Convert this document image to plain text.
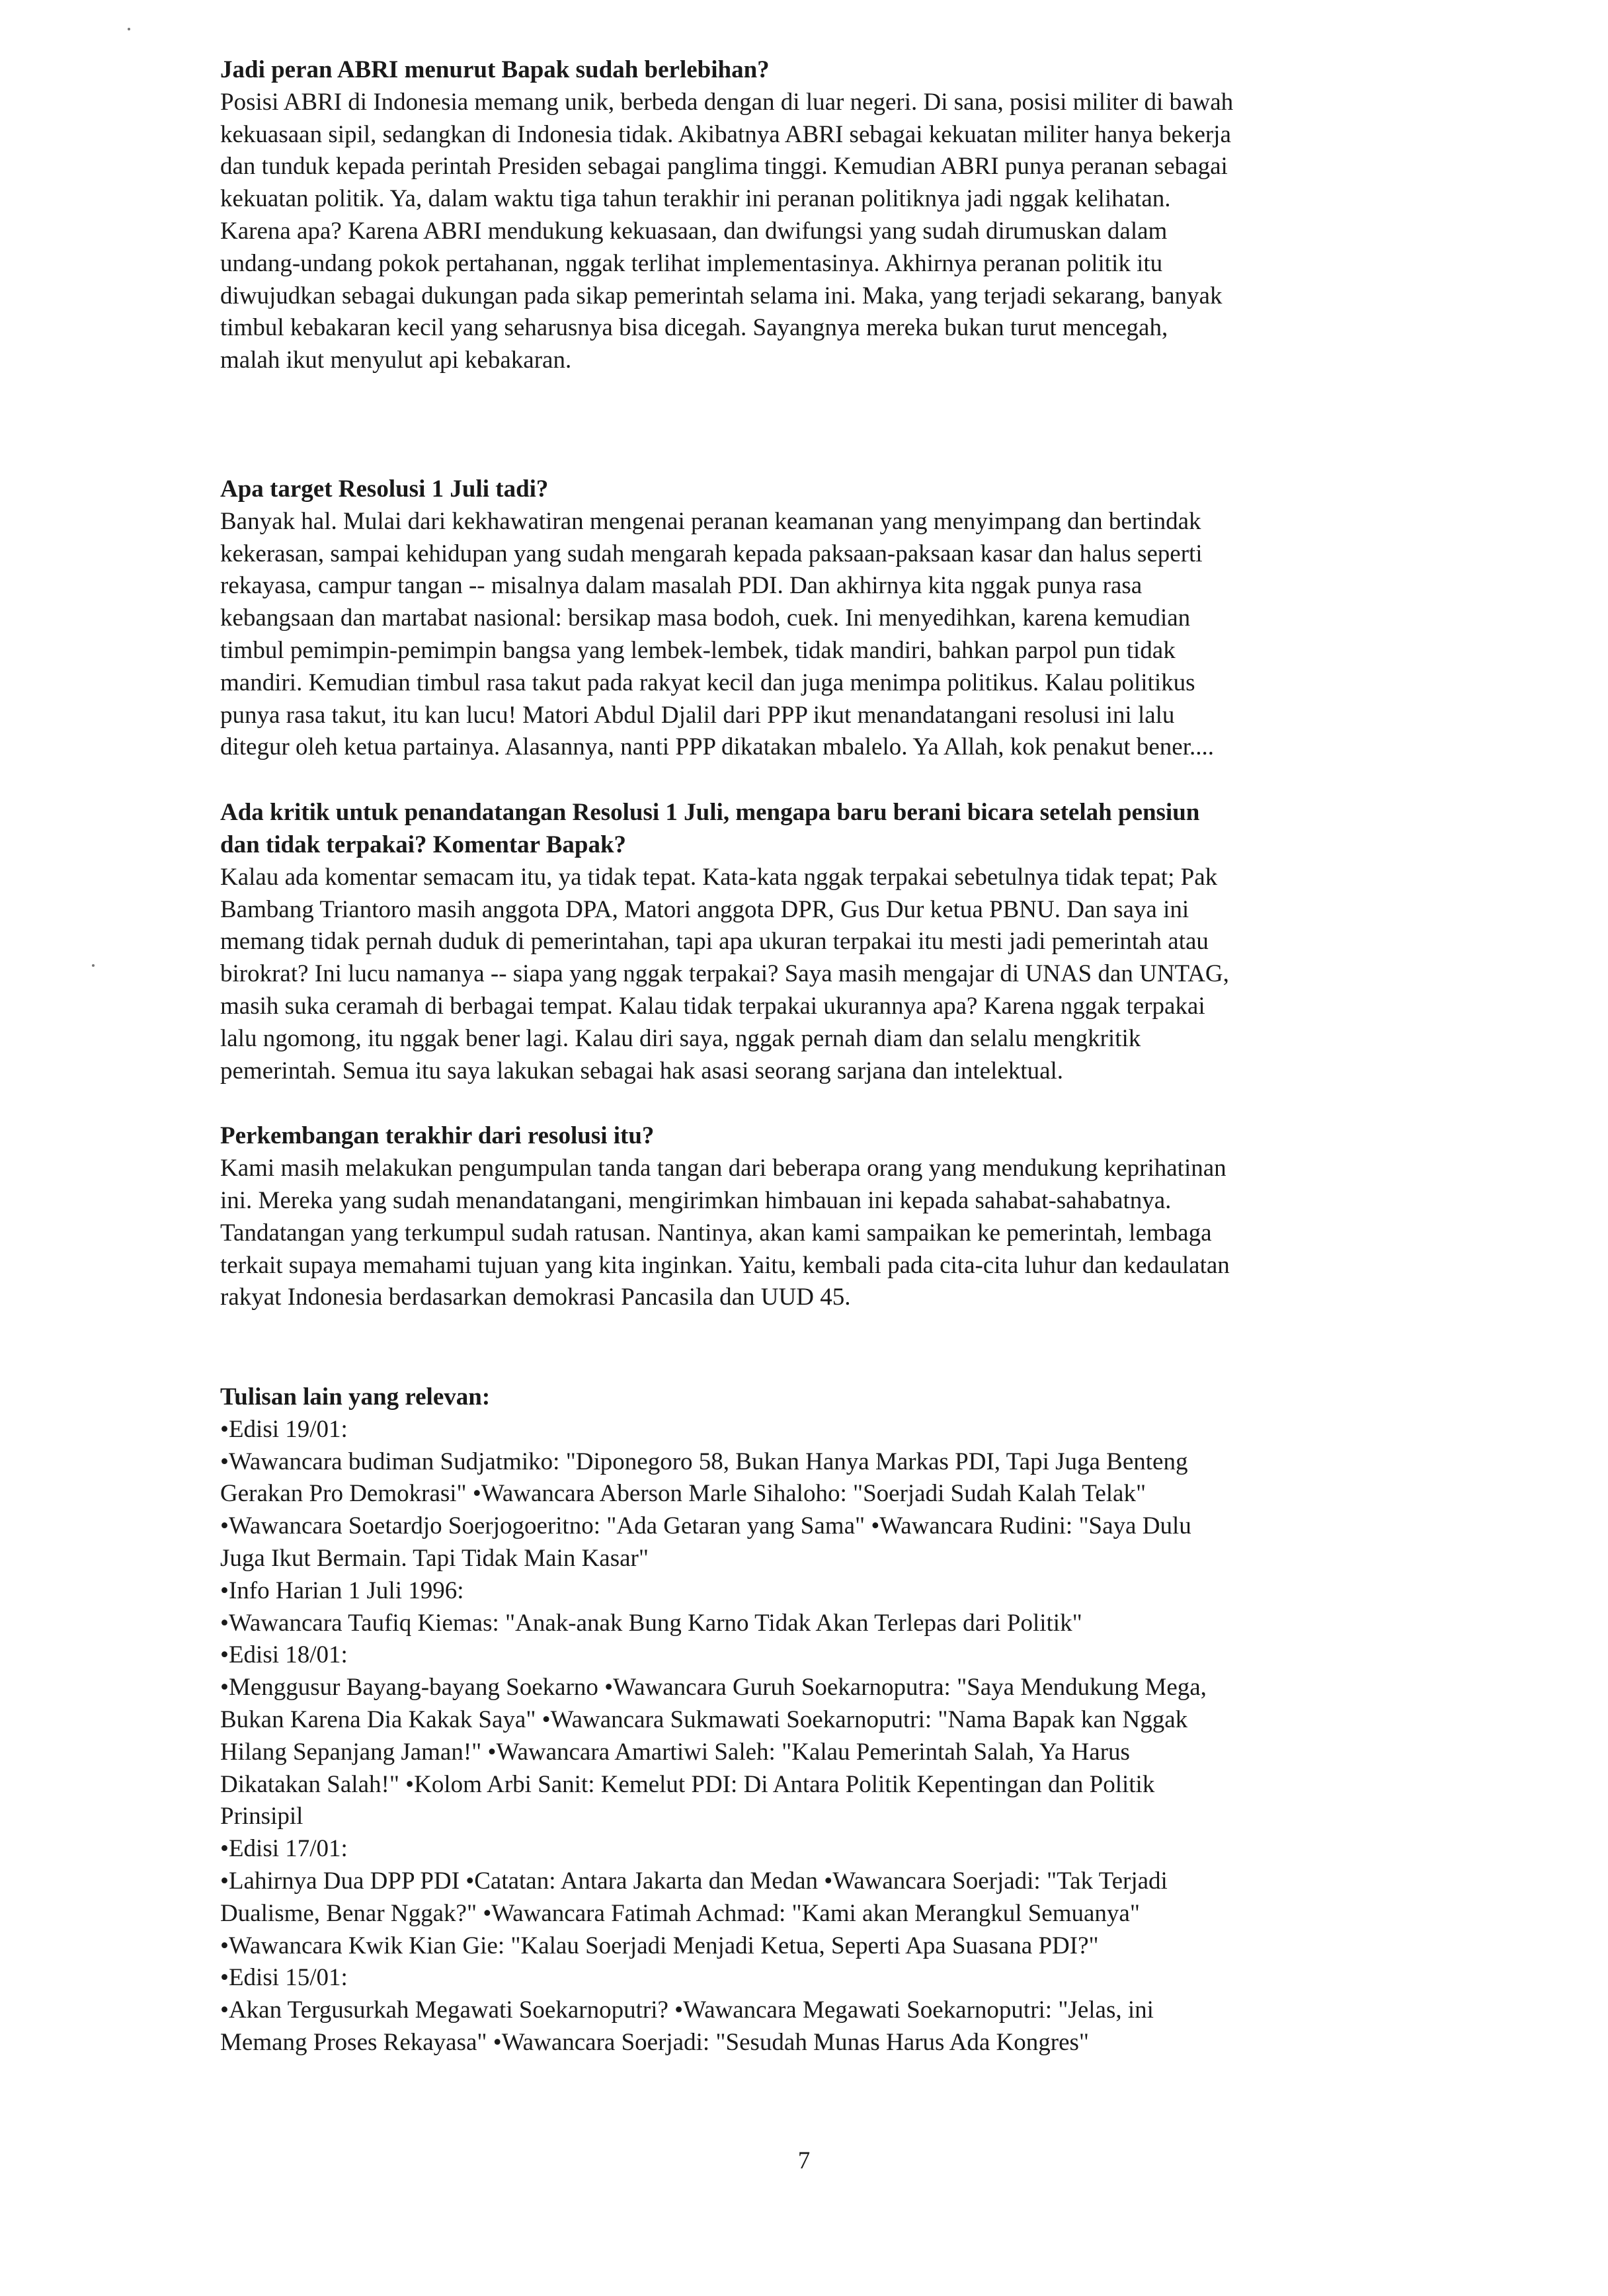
Jadi peran ABRI menurut Bapak sudah berlebihan?
Posisi ABRI di Indonesia memang unik, berbeda dengan di luar negeri. Di sana, posisi militer di bawah
kekuasaan sipil, sedangkan di Indonesia tidak. Akibatnya ABRI sebagai kekuatan militer hanya bekerja
dan tunduk kepada perintah Presiden sebagai panglima tinggi. Kemudian ABRI punya peranan sebagai
kekuatan politik. Ya, dalam waktu tiga tahun terakhir ini peranan politiknya jadi nggak kelihatan.
Karena apa? Karena ABRI mendukung kekuasaan, dan dwifungsi yang sudah dirumuskan dalam
undang-undang pokok pertahanan, nggak terlihat implementasinya. Akhirnya peranan politik itu
diwujudkan sebagai dukungan pada sikap pemerintah selama ini. Maka, yang terjadi sekarang, banyak
timbul kebakaran kecil yang seharusnya bisa dicegah. Sayangnya mereka bukan turut mencegah,
malah ikut menyulut api kebakaran.
Apa target Resolusi 1 Juli tadi?
Banyak hal. Mulai dari kekhawatiran mengenai peranan keamanan yang menyimpang dan bertindak
kekerasan, sampai kehidupan yang sudah mengarah kepada paksaan-paksaan kasar dan halus seperti
rekayasa, campur tangan -- misalnya dalam masalah PDI. Dan akhirnya kita nggak punya rasa
kebangsaan dan martabat nasional: bersikap masa bodoh, cuek. Ini menyedihkan, karena kemudian
timbul pemimpin-pemimpin bangsa yang lembek-lembek, tidak mandiri, bahkan parpol pun tidak
mandiri. Kemudian timbul rasa takut pada rakyat kecil dan juga menimpa politikus. Kalau politikus
punya rasa takut, itu kan lucu! Matori Abdul Djalil dari PPP ikut menandatangani resolusi ini lalu
ditegur oleh ketua partainya. Alasannya, nanti PPP dikatakan mbalelo. Ya Allah, kok penakut bener....
Ada kritik untuk penandatangan Resolusi 1 Juli, mengapa baru berani bicara setelah pensiun
dan tidak terpakai? Komentar Bapak?
Kalau ada komentar semacam itu, ya tidak tepat. Kata-kata nggak terpakai sebetulnya tidak tepat; Pak
Bambang Triantoro masih anggota DPA, Matori anggota DPR, Gus Dur ketua PBNU. Dan saya ini
memang tidak pernah duduk di pemerintahan, tapi apa ukuran terpakai itu mesti jadi pemerintah atau
birokrat? Ini lucu namanya -- siapa yang nggak terpakai? Saya masih mengajar di UNAS dan UNTAG,
masih suka ceramah di berbagai tempat. Kalau tidak terpakai ukurannya apa? Karena nggak terpakai
lalu ngomong, itu nggak bener lagi. Kalau diri saya, nggak pernah diam dan selalu mengkritik
pemerintah. Semua itu saya lakukan sebagai hak asasi seorang sarjana dan intelektual.
Perkembangan terakhir dari resolusi itu?
Kami masih melakukan pengumpulan tanda tangan dari beberapa orang yang mendukung keprihatinan
ini. Mereka yang sudah menandatangani, mengirimkan himbauan ini kepada sahabat-sahabatnya.
Tandatangan yang terkumpul sudah ratusan. Nantinya, akan kami sampaikan ke pemerintah, lembaga
terkait supaya memahami tujuan yang kita inginkan. Yaitu, kembali pada cita-cita luhur dan kedaulatan
rakyat Indonesia berdasarkan demokrasi Pancasila dan UUD 45.
Tulisan lain yang relevan:
•Edisi 19/01:
•Wawancara budiman Sudjatmiko: "Diponegoro 58, Bukan Hanya Markas PDI, Tapi Juga Benteng
Gerakan Pro Demokrasi" •Wawancara Aberson Marle Sihaloho: "Soerjadi Sudah Kalah Telak"
•Wawancara Soetardjo Soerjogoeritno: "Ada Getaran yang Sama" •Wawancara Rudini: "Saya Dulu
Juga Ikut Bermain. Tapi Tidak Main Kasar"
•Info Harian 1 Juli 1996:
•Wawancara Taufiq Kiemas: "Anak-anak Bung Karno Tidak Akan Terlepas dari Politik"
•Edisi 18/01:
•Menggusur Bayang-bayang Soekarno •Wawancara Guruh Soekarnoputra: "Saya Mendukung Mega,
Bukan Karena Dia Kakak Saya" •Wawancara Sukmawati Soekarnoputri: "Nama Bapak kan Nggak
Hilang Sepanjang Jaman!" •Wawancara Amartiwi Saleh: "Kalau Pemerintah Salah, Ya Harus
Dikatakan Salah!" •Kolom Arbi Sanit: Kemelut PDI: Di Antara Politik Kepentingan dan Politik
Prinsipil
•Edisi 17/01:
•Lahirnya Dua DPP PDI •Catatan: Antara Jakarta dan Medan •Wawancara Soerjadi: "Tak Terjadi
Dualisme, Benar Nggak?" •Wawancara Fatimah Achmad: "Kami akan Merangkul Semuanya"
•Wawancara Kwik Kian Gie: "Kalau Soerjadi Menjadi Ketua, Seperti Apa Suasana PDI?"
•Edisi 15/01:
•Akan Tergusurkah Megawati Soekarnoputri? •Wawancara Megawati Soekarnoputri: "Jelas, ini
Memang Proses Rekayasa" •Wawancara Soerjadi: "Sesudah Munas Harus Ada Kongres"
7
